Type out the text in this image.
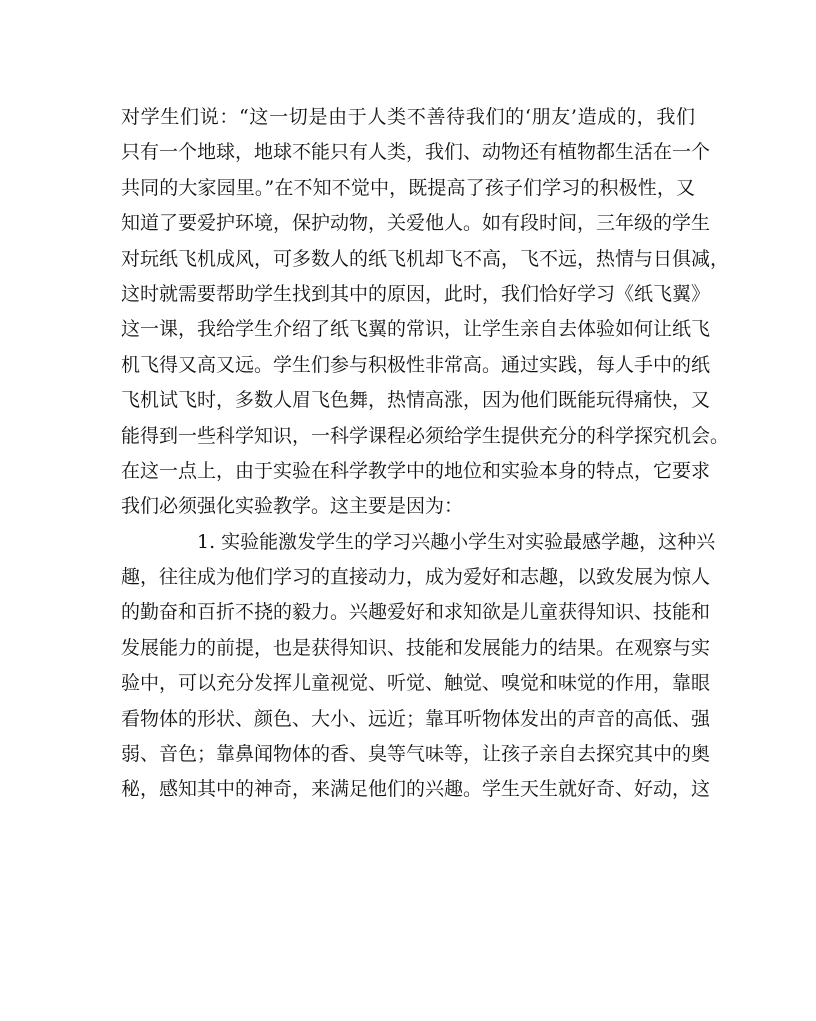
对学生们说：“这一切是由于人类不善待我们的‘朋友’造成的，我们
只有一个地球，地球不能只有人类，我们、动物还有植物都生活在一个
共同的大家园里。”在不知不觉中，既提高了孩子们学习的积极性，又
知道了要爱护环境，保护动物，关爱他人。如有段时间，三年级的学生
对玩纸飞机成风，可多数人的纸飞机却飞不高，飞不远，热情与日俱减，
这时就需要帮助学生找到其中的原因，此时，我们恰好学习《纸飞翼》
这一课，我给学生介绍了纸飞翼的常识，让学生亲自去体验如何让纸飞
机飞得又高又远。学生们参与积极性非常高。通过实践，每人手中的纸
飞机试飞时，多数人眉飞色舞，热情高涨，因为他们既能玩得痛快，又
能得到一些科学知识，一科学课程必须给学生提供充分的科学探究机会。
在这一点上，由于实验在科学教学中的地位和实验本身的特点，它要求
我们必须强化实验教学。这主要是因为：
1. 实验能激发学生的学习兴趣小学生对实验最感学趣，这种兴
趣，往往成为他们学习的直接动力，成为爱好和志趣，以致发展为惊人
的勤奋和百折不挠的毅力。兴趣爱好和求知欲是儿童获得知识、技能和
发展能力的前提，也是获得知识、技能和发展能力的结果。在观察与实
验中，可以充分发挥儿童视觉、听觉、触觉、嗅觉和味觉的作用，靠眼
看物体的形状、颜色、大小、远近；靠耳听物体发出的声音的高低、强
弱、音色；靠鼻闻物体的香、臭等气味等，让孩子亲自去探究其中的奥
秘，感知其中的神奇，来满足他们的兴趣。学生天生就好奇、好动，这
